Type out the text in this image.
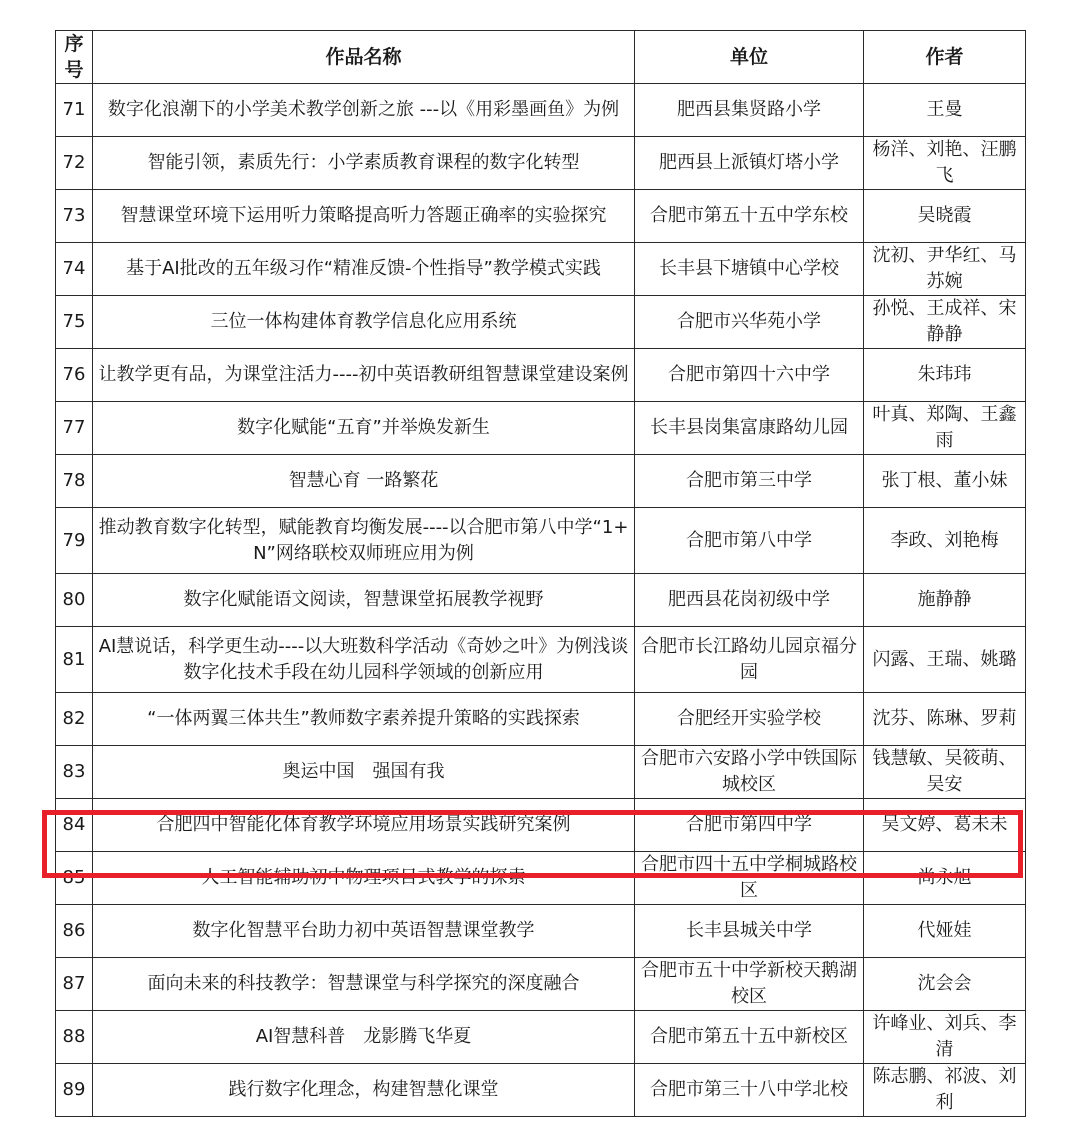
序号	作品名称	单位	作者
71	数字化浪潮下的小学美术教学创新之旅 ---以《用彩墨画鱼》为例	肥西县集贤路小学	王曼
72	智能引领，素质先行：小学素质教育课程的数字化转型	肥西县上派镇灯塔小学	杨洋、刘艳、汪鹏飞
73	智慧课堂环境下运用听力策略提高听力答题正确率的实验探究	合肥市第五十五中学东校	吴晓霞
74	基于AI批改的五年级习作“精准反馈-个性指导”教学模式实践	长丰县下塘镇中心学校	沈初、尹华红、马苏婉
75	三位一体构建体育教学信息化应用系统	合肥市兴华苑小学	孙悦、王成祥、宋静静
76	让教学更有品，为课堂注活力----初中英语教研组智慧课堂建设案例	合肥市第四十六中学	朱玮玮
77	数字化赋能“五育”并举焕发新生	长丰县岗集富康路幼儿园	叶真、郑陶、王鑫雨
78	智慧心育 一路繁花	合肥市第三中学	张丁根、董小妹
79	推动教育数字化转型，赋能教育均衡发展----以合肥市第八中学“1+N”网络联校双师班应用为例	合肥市第八中学	李政、刘艳梅
80	数字化赋能语文阅读，智慧课堂拓展教学视野	肥西县花岗初级中学	施静静
81	AI慧说话，科学更生动----以大班数科学活动《奇妙之叶》为例浅谈数字化技术手段在幼儿园科学领域的创新应用	合肥市长江路幼儿园京福分园	闪露、王瑞、姚璐
82	“一体两翼三体共生”教师数字素养提升策略的实践探索	合肥经开实验学校	沈芬、陈琳、罗莉
83	奥运中国　强国有我	合肥市六安路小学中铁国际城校区	钱慧敏、吴筱萌、吴安
84	合肥四中智能化体育教学环境应用场景实践研究案例	合肥市第四中学	吴文婷、葛未未
85	人工智能辅助初中物理项目式教学的探索	合肥市四十五中学桐城路校区	尚永旭
86	数字化智慧平台助力初中英语智慧课堂教学	长丰县城关中学	代娅娃
87	面向未来的科技教学：智慧课堂与科学探究的深度融合	合肥市五十中学新校天鹅湖校区	沈会会
88	AI智慧科普　龙影腾飞华夏	合肥市第五十五中新校区	许峰业、刘兵、李清
89	践行数字化理念，构建智慧化课堂	合肥市第三十八中学北校	陈志鹏、祁波、刘利
